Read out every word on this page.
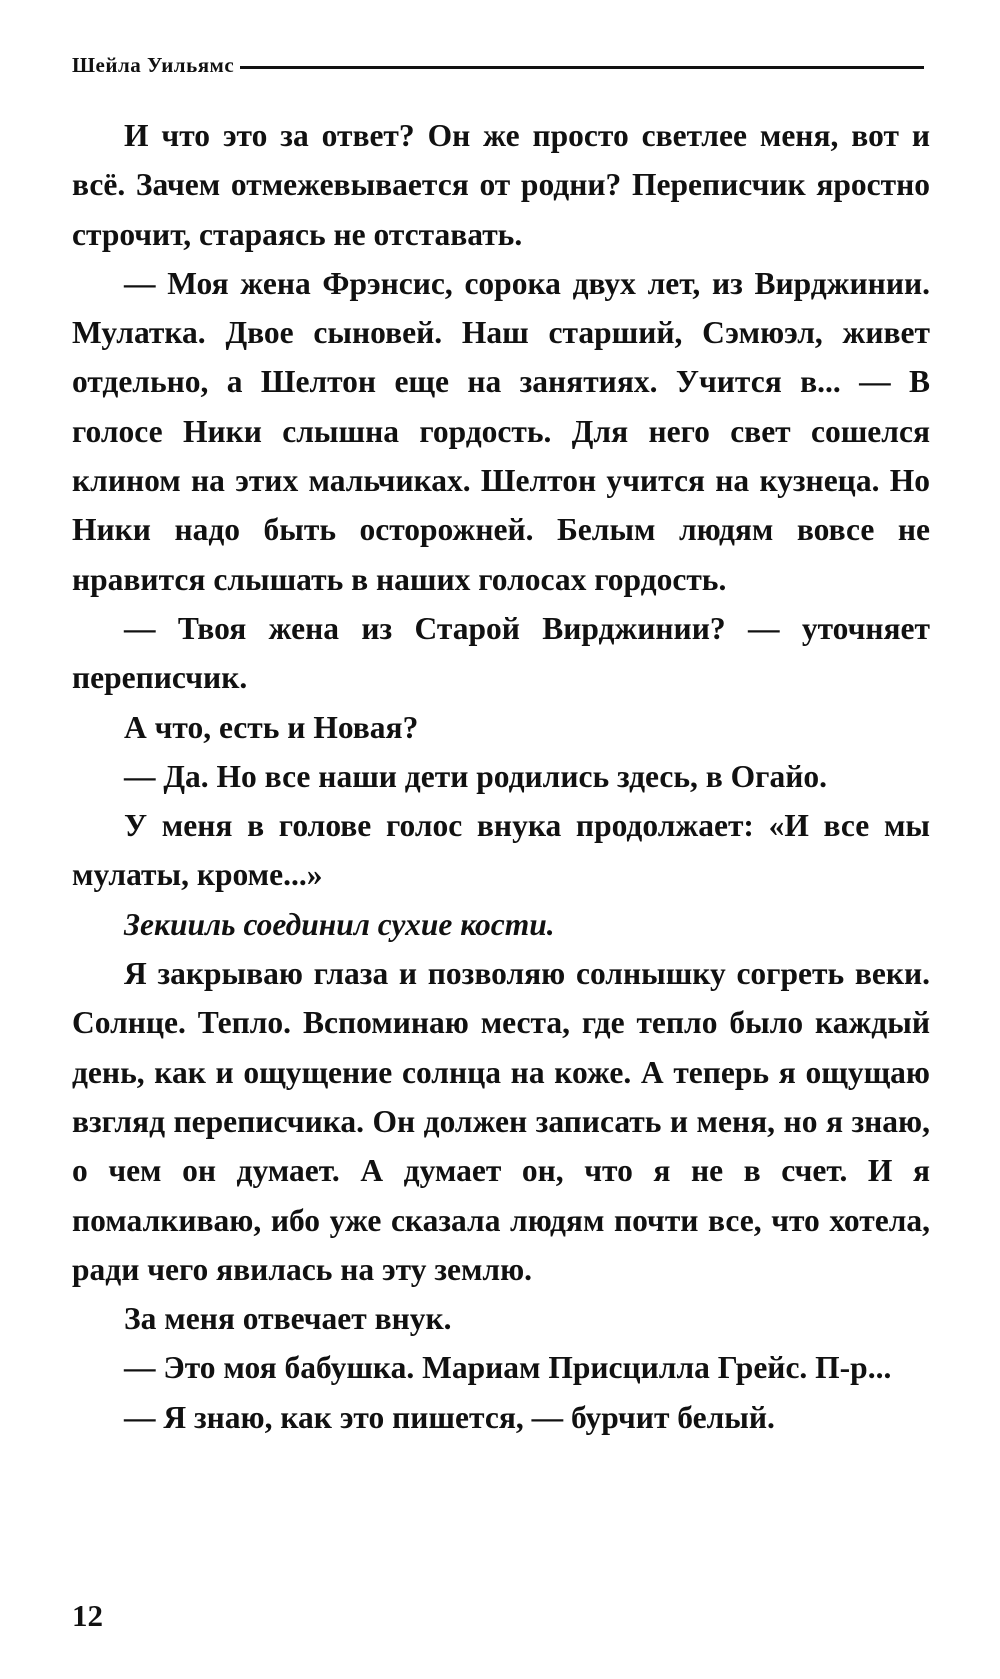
Шейла Уильямс

И что это за ответ? Он же просто светлее меня, вот и всё. Зачем отмежевывается от родни? Переписчик яростно строчит, стараясь не отставать.

— Моя жена Фрэнсис, сорока двух лет, из Вирджинии. Мулатка. Двое сыновей. Наш старший, Сэмюэл, живет отдельно, а Шелтон еще на занятиях. Учится в... — В голосе Ники слышна гордость. Для него свет сошелся клином на этих мальчиках. Шелтон учится на кузнеца. Но Ники надо быть осторожней. Белым людям вовсе не нравится слышать в наших голосах гордость.

— Твоя жена из Старой Вирджинии? — уточняет переписчик.

А что, есть и Новая?

— Да. Но все наши дети родились здесь, в Огайо.

У меня в голове голос внука продолжает: «И все мы мулаты, кроме...»

Зекииль соединил сухие кости.

Я закрываю глаза и позволяю солнышку согреть веки. Солнце. Тепло. Вспоминаю места, где тепло было каждый день, как и ощущение солнца на коже. А теперь я ощущаю взгляд переписчика. Он должен записать и меня, но я знаю, о чем он думает. А думает он, что я не в счет. И я помалкиваю, ибо уже сказала людям почти все, что хотела, ради чего явилась на эту землю.

За меня отвечает внук.

— Это моя бабушка. Мариам Присцилла Грейс. П-р...

— Я знаю, как это пишется, — бурчит белый.

12
